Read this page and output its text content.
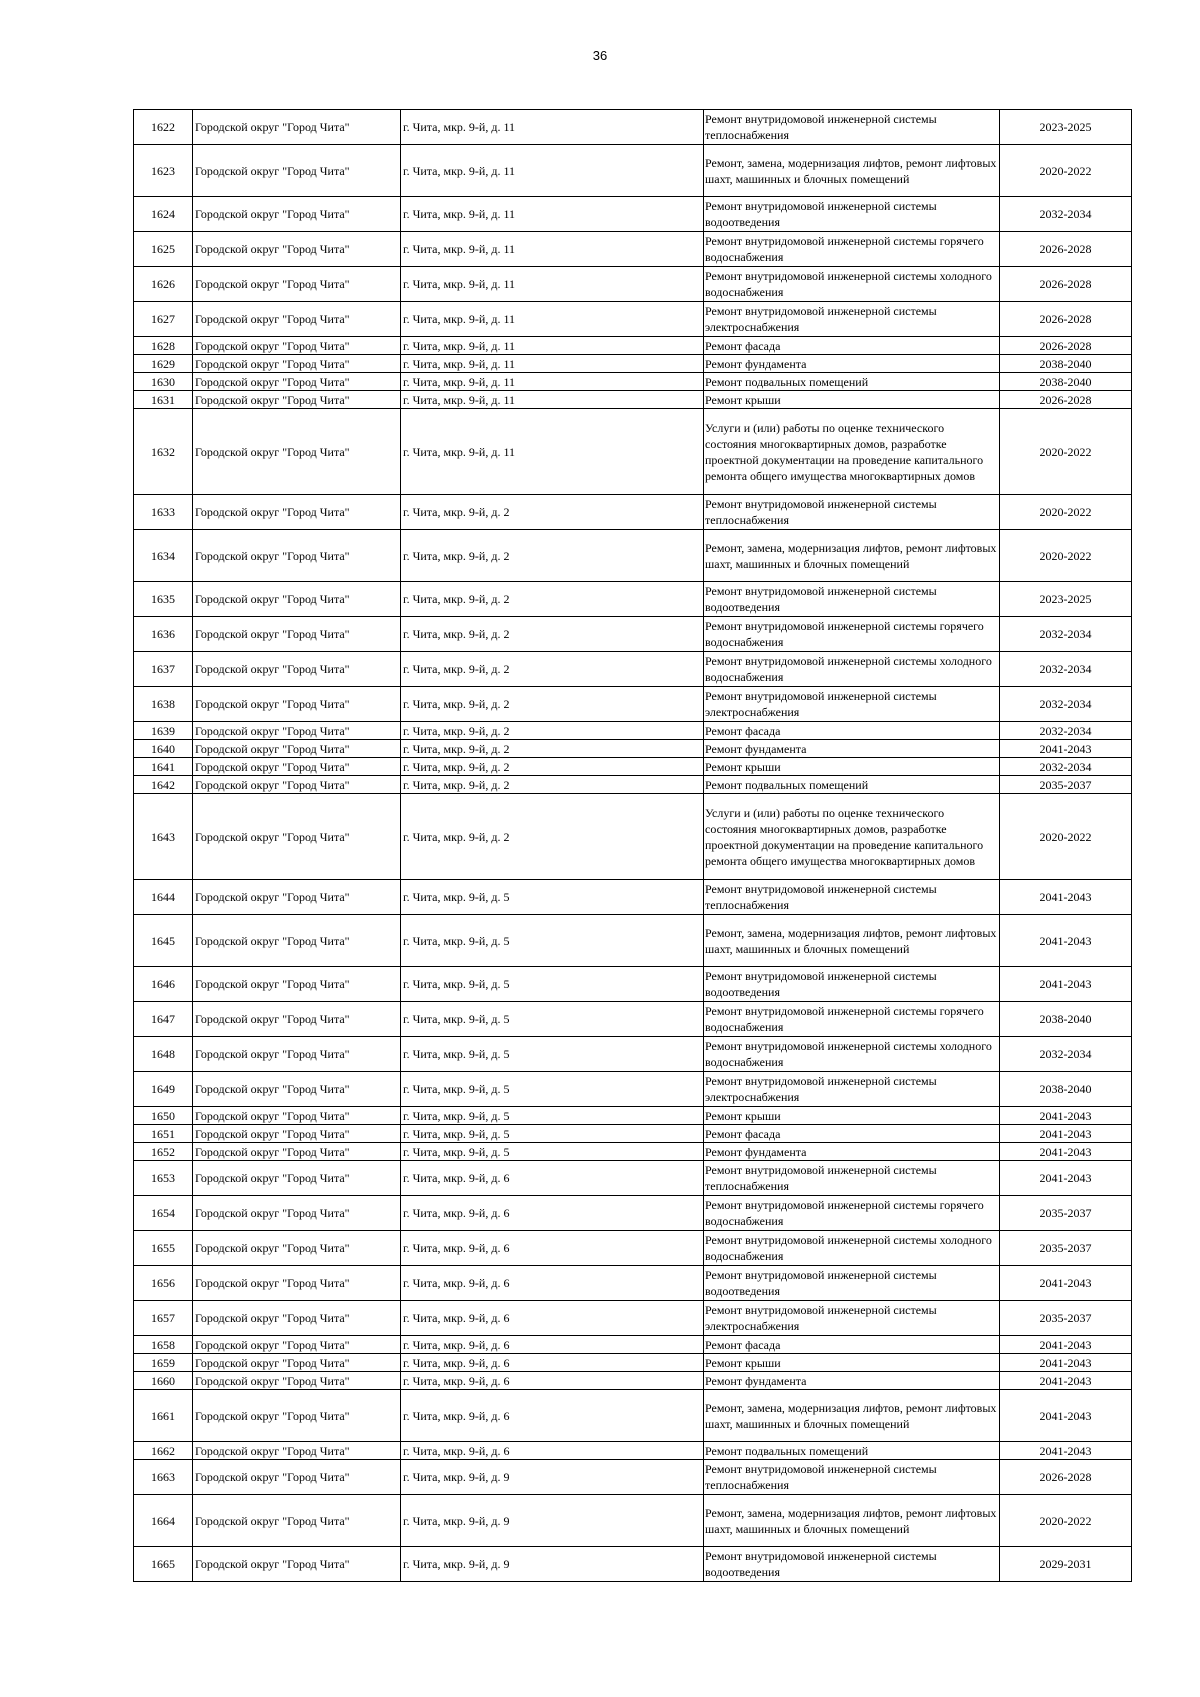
36
1622	Городской округ "Город Чита"	г. Чита, мкр. 9-й, д. 11	Ремонт внутридомовой инженерной системы теплоснабжения	2023-2025
1623	Городской округ "Город Чита"	г. Чита, мкр. 9-й, д. 11	Ремонт, замена, модернизация лифтов, ремонт лифтовых шахт, машинных и блочных помещений	2020-2022
1624	Городской округ "Город Чита"	г. Чита, мкр. 9-й, д. 11	Ремонт внутридомовой инженерной системы водоотведения	2032-2034
1625	Городской округ "Город Чита"	г. Чита, мкр. 9-й, д. 11	Ремонт внутридомовой инженерной системы горячего водоснабжения	2026-2028
1626	Городской округ "Город Чита"	г. Чита, мкр. 9-й, д. 11	Ремонт внутридомовой инженерной системы холодного водоснабжения	2026-2028
1627	Городской округ "Город Чита"	г. Чита, мкр. 9-й, д. 11	Ремонт внутридомовой инженерной системы электроснабжения	2026-2028
1628	Городской округ "Город Чита"	г. Чита, мкр. 9-й, д. 11	Ремонт фасада	2026-2028
1629	Городской округ "Город Чита"	г. Чита, мкр. 9-й, д. 11	Ремонт фундамента	2038-2040
1630	Городской округ "Город Чита"	г. Чита, мкр. 9-й, д. 11	Ремонт подвальных помещений	2038-2040
1631	Городской округ "Город Чита"	г. Чита, мкр. 9-й, д. 11	Ремонт крыши	2026-2028
1632	Городской округ "Город Чита"	г. Чита, мкр. 9-й, д. 11	Услуги и (или) работы по оценке технического состояния многоквартирных домов, разработке проектной документации на проведение капитального ремонта общего имущества многоквартирных домов	2020-2022
1633	Городской округ "Город Чита"	г. Чита, мкр. 9-й, д. 2	Ремонт внутридомовой инженерной системы теплоснабжения	2020-2022
1634	Городской округ "Город Чита"	г. Чита, мкр. 9-й, д. 2	Ремонт, замена, модернизация лифтов, ремонт лифтовых шахт, машинных и блочных помещений	2020-2022
1635	Городской округ "Город Чита"	г. Чита, мкр. 9-й, д. 2	Ремонт внутридомовой инженерной системы водоотведения	2023-2025
1636	Городской округ "Город Чита"	г. Чита, мкр. 9-й, д. 2	Ремонт внутридомовой инженерной системы горячего водоснабжения	2032-2034
1637	Городской округ "Город Чита"	г. Чита, мкр. 9-й, д. 2	Ремонт внутридомовой инженерной системы холодного водоснабжения	2032-2034
1638	Городской округ "Город Чита"	г. Чита, мкр. 9-й, д. 2	Ремонт внутридомовой инженерной системы электроснабжения	2032-2034
1639	Городской округ "Город Чита"	г. Чита, мкр. 9-й, д. 2	Ремонт фасада	2032-2034
1640	Городской округ "Город Чита"	г. Чита, мкр. 9-й, д. 2	Ремонт фундамента	2041-2043
1641	Городской округ "Город Чита"	г. Чита, мкр. 9-й, д. 2	Ремонт крыши	2032-2034
1642	Городской округ "Город Чита"	г. Чита, мкр. 9-й, д. 2	Ремонт подвальных помещений	2035-2037
1643	Городской округ "Город Чита"	г. Чита, мкр. 9-й, д. 2	Услуги и (или) работы по оценке технического состояния многоквартирных домов, разработке проектной документации на проведение капитального ремонта общего имущества многоквартирных домов	2020-2022
1644	Городской округ "Город Чита"	г. Чита, мкр. 9-й, д. 5	Ремонт внутридомовой инженерной системы теплоснабжения	2041-2043
1645	Городской округ "Город Чита"	г. Чита, мкр. 9-й, д. 5	Ремонт, замена, модернизация лифтов, ремонт лифтовых шахт, машинных и блочных помещений	2041-2043
1646	Городской округ "Город Чита"	г. Чита, мкр. 9-й, д. 5	Ремонт внутридомовой инженерной системы водоотведения	2041-2043
1647	Городской округ "Город Чита"	г. Чита, мкр. 9-й, д. 5	Ремонт внутридомовой инженерной системы горячего водоснабжения	2038-2040
1648	Городской округ "Город Чита"	г. Чита, мкр. 9-й, д. 5	Ремонт внутридомовой инженерной системы холодного водоснабжения	2032-2034
1649	Городской округ "Город Чита"	г. Чита, мкр. 9-й, д. 5	Ремонт внутридомовой инженерной системы электроснабжения	2038-2040
1650	Городской округ "Город Чита"	г. Чита, мкр. 9-й, д. 5	Ремонт крыши	2041-2043
1651	Городской округ "Город Чита"	г. Чита, мкр. 9-й, д. 5	Ремонт фасада	2041-2043
1652	Городской округ "Город Чита"	г. Чита, мкр. 9-й, д. 5	Ремонт фундамента	2041-2043
1653	Городской округ "Город Чита"	г. Чита, мкр. 9-й, д. 6	Ремонт внутридомовой инженерной системы теплоснабжения	2041-2043
1654	Городской округ "Город Чита"	г. Чита, мкр. 9-й, д. 6	Ремонт внутридомовой инженерной системы горячего водоснабжения	2035-2037
1655	Городской округ "Город Чита"	г. Чита, мкр. 9-й, д. 6	Ремонт внутридомовой инженерной системы холодного водоснабжения	2035-2037
1656	Городской округ "Город Чита"	г. Чита, мкр. 9-й, д. 6	Ремонт внутридомовой инженерной системы водоотведения	2041-2043
1657	Городской округ "Город Чита"	г. Чита, мкр. 9-й, д. 6	Ремонт внутридомовой инженерной системы электроснабжения	2035-2037
1658	Городской округ "Город Чита"	г. Чита, мкр. 9-й, д. 6	Ремонт фасада	2041-2043
1659	Городской округ "Город Чита"	г. Чита, мкр. 9-й, д. 6	Ремонт крыши	2041-2043
1660	Городской округ "Город Чита"	г. Чита, мкр. 9-й, д. 6	Ремонт фундамента	2041-2043
1661	Городской округ "Город Чита"	г. Чита, мкр. 9-й, д. 6	Ремонт, замена, модернизация лифтов, ремонт лифтовых шахт, машинных и блочных помещений	2041-2043
1662	Городской округ "Город Чита"	г. Чита, мкр. 9-й, д. 6	Ремонт подвальных помещений	2041-2043
1663	Городской округ "Город Чита"	г. Чита, мкр. 9-й, д. 9	Ремонт внутридомовой инженерной системы теплоснабжения	2026-2028
1664	Городской округ "Город Чита"	г. Чита, мкр. 9-й, д. 9	Ремонт, замена, модернизация лифтов, ремонт лифтовых шахт, машинных и блочных помещений	2020-2022
1665	Городской округ "Город Чита"	г. Чита, мкр. 9-й, д. 9	Ремонт внутридомовой инженерной системы водоотведения	2029-2031
